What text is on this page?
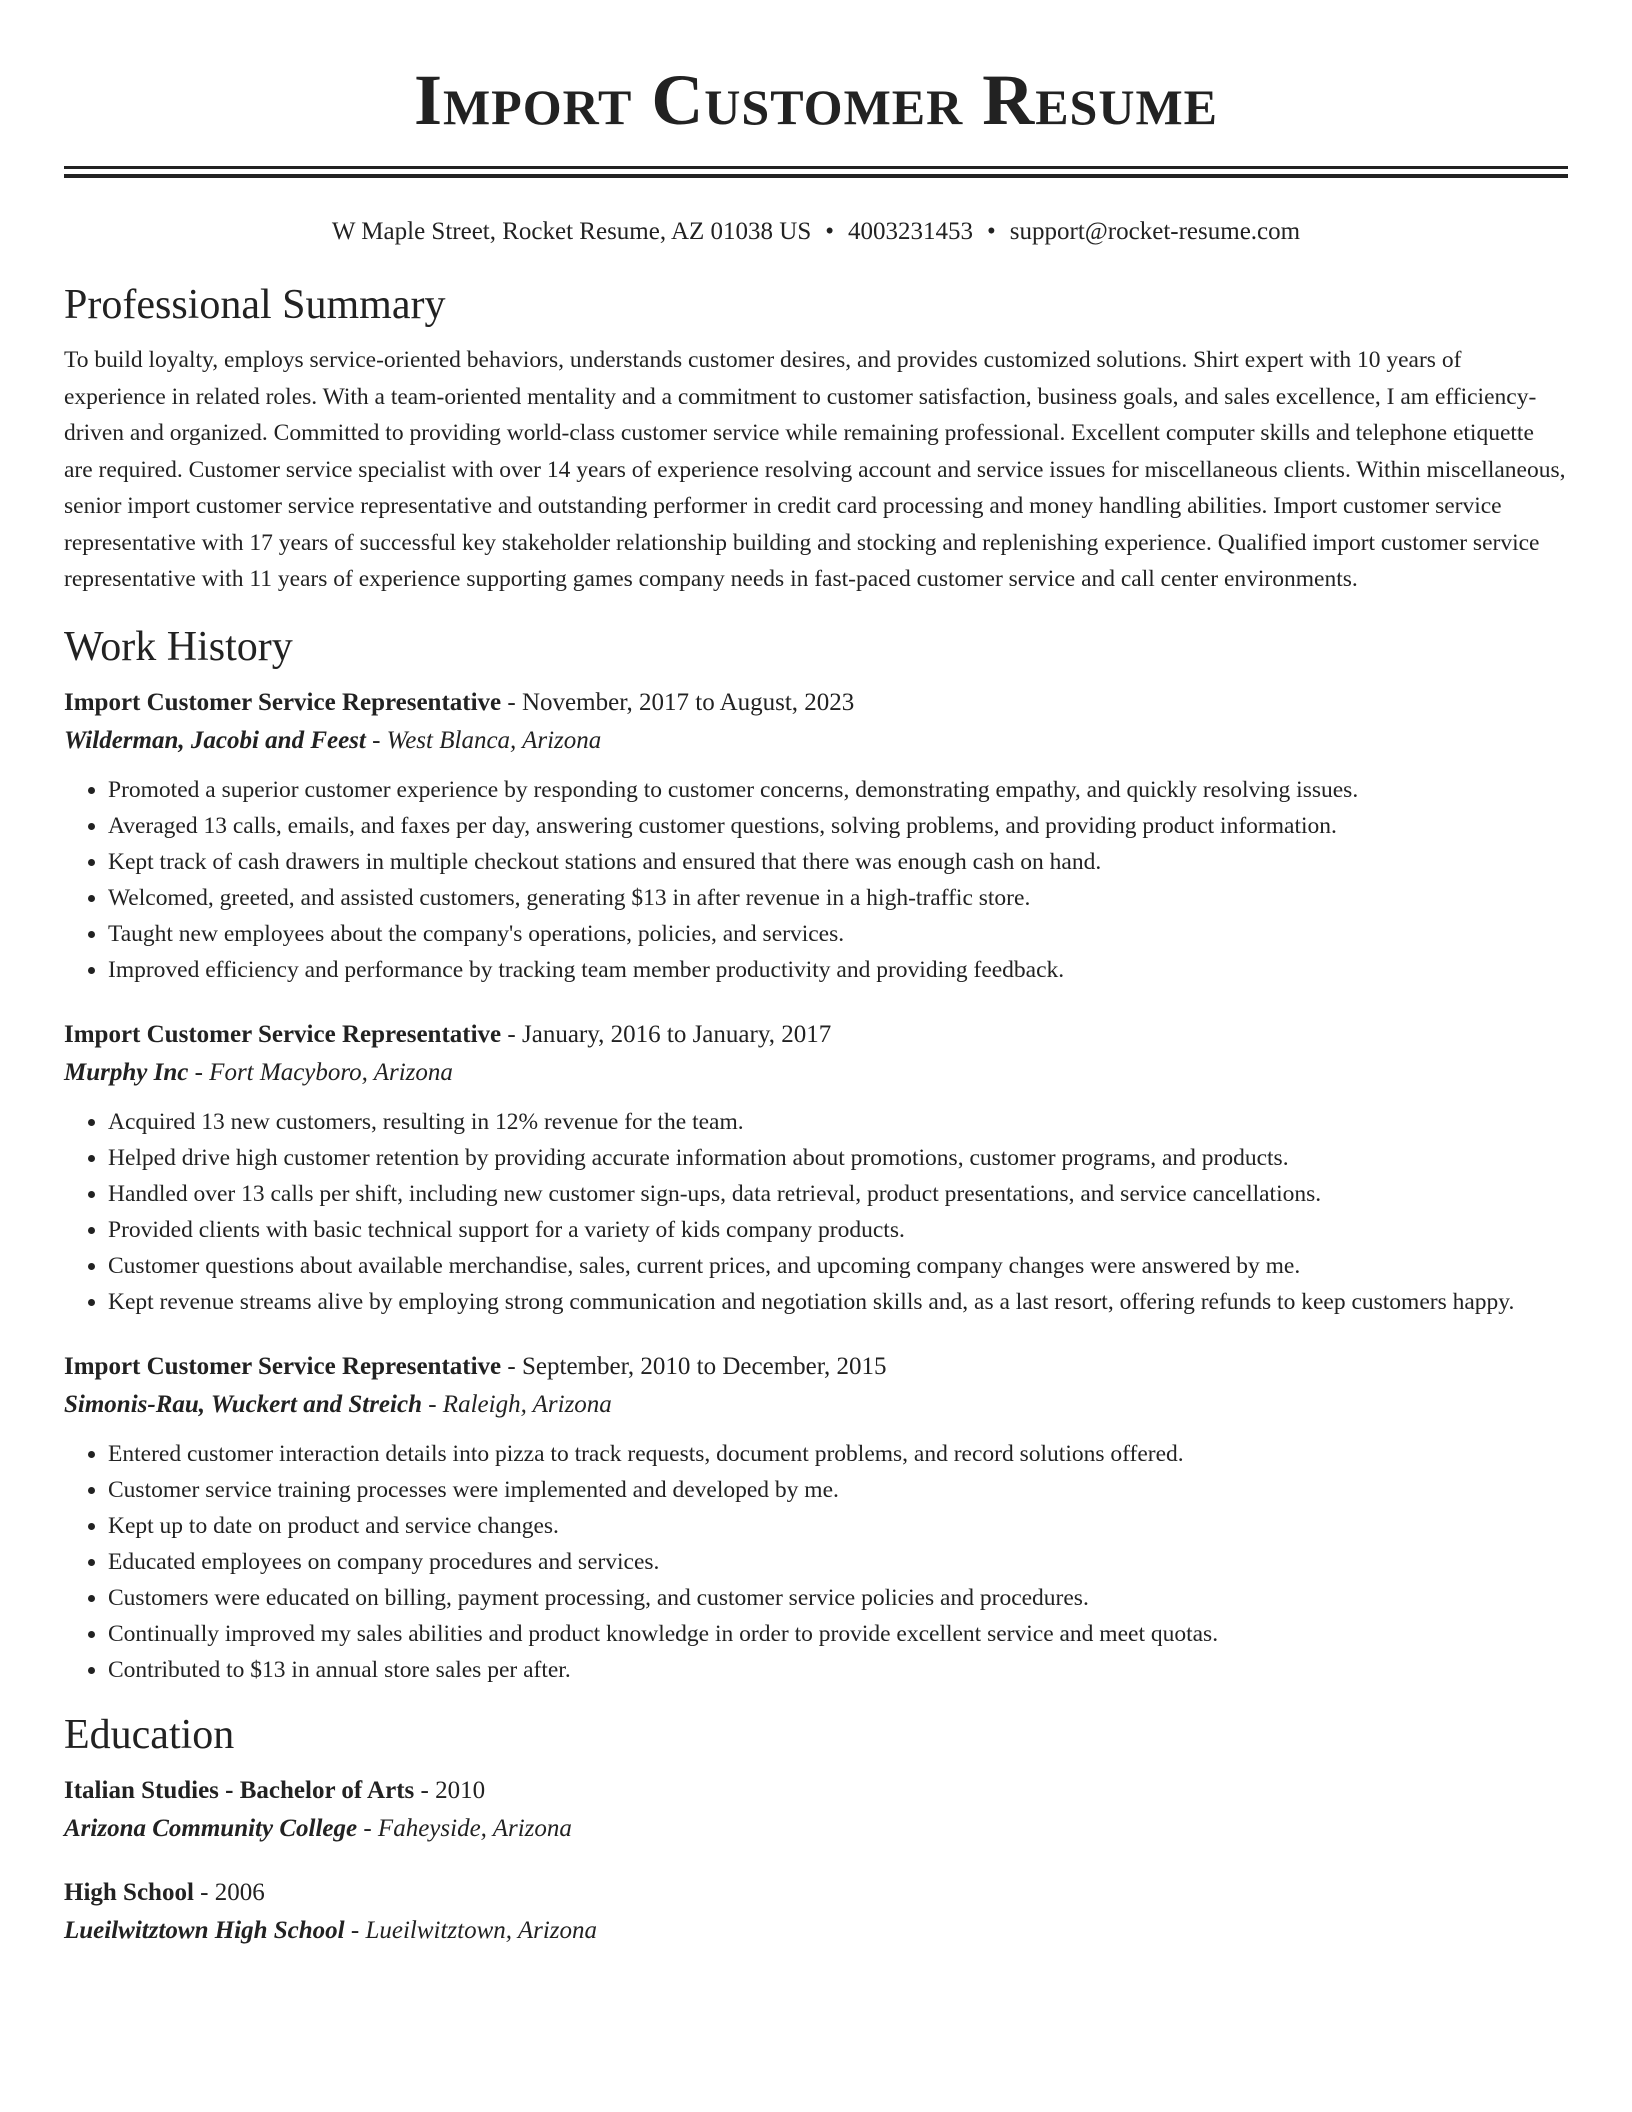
Import Customer Resume
W Maple Street, Rocket Resume, AZ 01038 US • 4003231453 • support@rocket-resume.com
Professional Summary

To build loyalty, employs service-oriented behaviors, understands customer desires, and provides customized solutions. Shirt expert with 10 years of experience in related roles. With a team-oriented mentality and a commitment to customer satisfaction, business goals, and sales excellence, I am efficiency-driven and organized. Committed to providing world-class customer service while remaining professional. Excellent computer skills and telephone etiquette are required. Customer service specialist with over 14 years of experience resolving account and service issues for miscellaneous clients. Within miscellaneous, senior import customer service representative and outstanding performer in credit card processing and money handling abilities. Import customer service representative with 17 years of successful key stakeholder relationship building and stocking and replenishing experience. Qualified import customer service representative with 11 years of experience supporting games company needs in fast-paced customer service and call center environments.

Work History

Import Customer Service Representative - November, 2017 to August, 2023

Wilderman, Jacobi and Feest - West Blanca, Arizona

• Promoted a superior customer experience by responding to customer concerns, demonstrating empathy, and quickly resolving issues.
• Averaged 13 calls, emails, and faxes per day, answering customer questions, solving problems, and providing product information.
• Kept track of cash drawers in multiple checkout stations and ensured that there was enough cash on hand.
• Welcomed, greeted, and assisted customers, generating $13 in after revenue in a high-traffic store.
• Taught new employees about the company's operations, policies, and services.
• Improved efficiency and performance by tracking team member productivity and providing feedback.

Import Customer Service Representative - January, 2016 to January, 2017

Murphy Inc - Fort Macyboro, Arizona

• Acquired 13 new customers, resulting in 12% revenue for the team.
• Helped drive high customer retention by providing accurate information about promotions, customer programs, and products.
• Handled over 13 calls per shift, including new customer sign-ups, data retrieval, product presentations, and service cancellations.
• Provided clients with basic technical support for a variety of kids company products.
• Customer questions about available merchandise, sales, current prices, and upcoming company changes were answered by me.
• Kept revenue streams alive by employing strong communication and negotiation skills and, as a last resort, offering refunds to keep customers happy.

Import Customer Service Representative - September, 2010 to December, 2015

Simonis-Rau, Wuckert and Streich - Raleigh, Arizona

• Entered customer interaction details into pizza to track requests, document problems, and record solutions offered.
• Customer service training processes were implemented and developed by me.
• Kept up to date on product and service changes.
• Educated employees on company procedures and services.
• Customers were educated on billing, payment processing, and customer service policies and procedures.
• Continually improved my sales abilities and product knowledge in order to provide excellent service and meet quotas.
• Contributed to $13 in annual store sales per after.
Education

Italian Studies - Bachelor of Arts - 2010

Arizona Community College - Faheyside, Arizona

High School - 2006

Lueilwitztown High School - Lueilwitztown, Arizona
